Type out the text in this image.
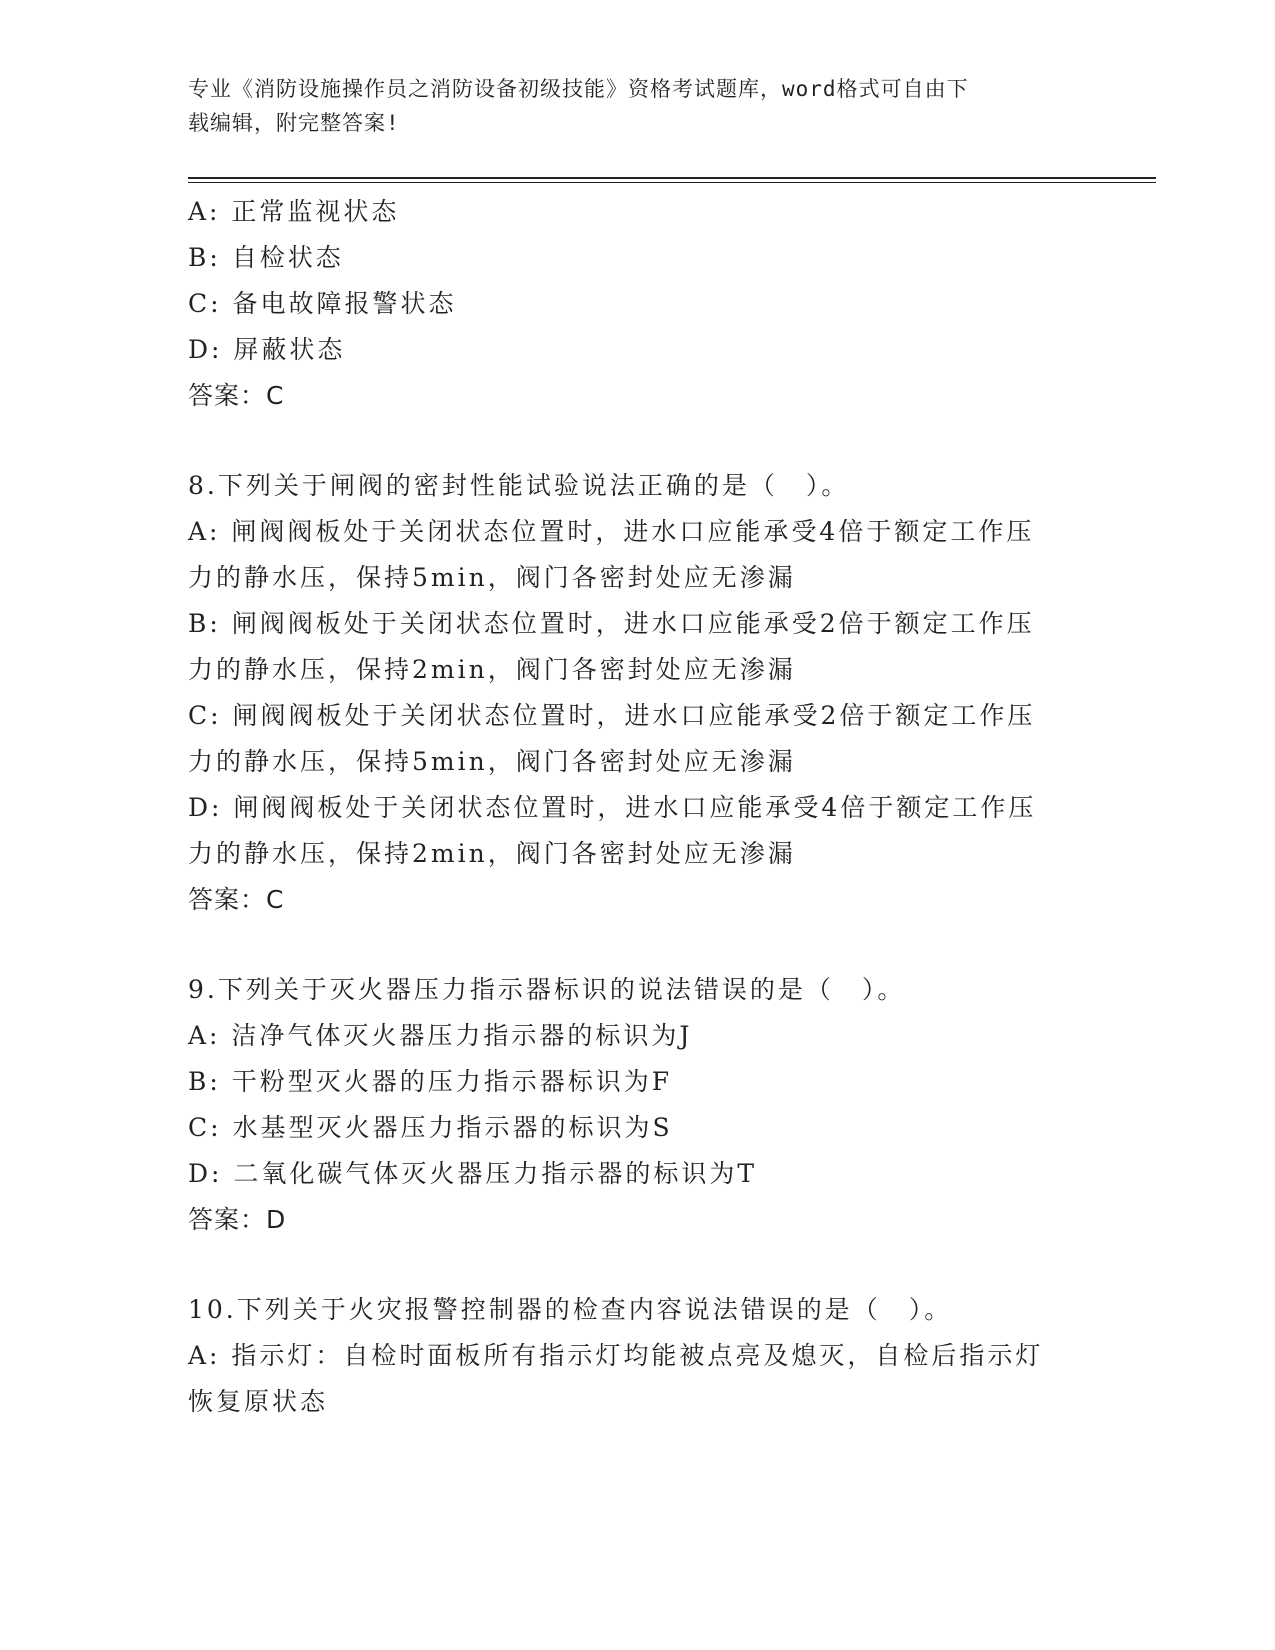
专业《消防设施操作员之消防设备初级技能》资格考试题库，word格式可自由下
载编辑，附完整答案!
A: 正常监视状态
B: 自检状态
C: 备电故障报警状态
D: 屏蔽状态
答案：C
8.下列关于闸阀的密封性能试验说法正确的是（　）。
A: 闸阀阀板处于关闭状态位置时，进水口应能承受4倍于额定工作压
力的静水压，保持5min，阀门各密封处应无渗漏
B: 闸阀阀板处于关闭状态位置时，进水口应能承受2倍于额定工作压
力的静水压，保持2min，阀门各密封处应无渗漏
C: 闸阀阀板处于关闭状态位置时，进水口应能承受2倍于额定工作压
力的静水压，保持5min，阀门各密封处应无渗漏
D: 闸阀阀板处于关闭状态位置时，进水口应能承受4倍于额定工作压
力的静水压，保持2min，阀门各密封处应无渗漏
答案：C
9.下列关于灭火器压力指示器标识的说法错误的是（　）。
A: 洁净气体灭火器压力指示器的标识为J
B: 干粉型灭火器的压力指示器标识为F
C: 水基型灭火器压力指示器的标识为S
D: 二氧化碳气体灭火器压力指示器的标识为T
答案：D
10.下列关于火灾报警控制器的检查内容说法错误的是（　）。
A: 指示灯：自检时面板所有指示灯均能被点亮及熄灭，自检后指示灯
恢复原状态
